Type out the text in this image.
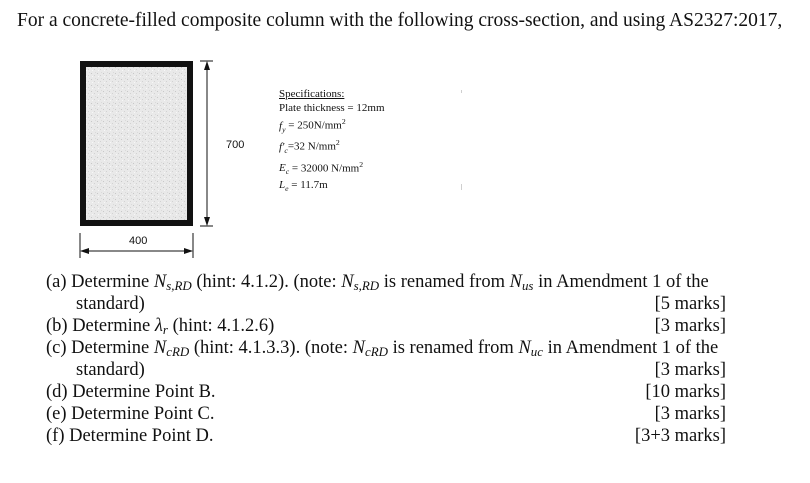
For a concrete-filled composite column with the following cross-section, and using AS2327:2017,
700
400
Specifications:
Plate thickness = 12mm
$f_y = 250N/mm^2$
$f'_c=32$ $N/mm^2$
$E_c = 32000$ $N/mm^2$
$L_e = 11.7m$
(a) Determine $N_{s,RD}$ (hint: 4.1.2). (note: $N_{s,RD}$ is renamed from $N_{us}$ in Amendment 1 of the
standard)	[5 marks]
(b) Determine $\lambda_r$ (hint: 4.1.2.6)	[3 marks]
(c) Determine $N_{cRD}$ (hint: 4.1.3.3). (note: $N_{cRD}$ is renamed from $N_{uc}$ in Amendment 1 of the
standard)	[3 marks]
(d) Determine Point B.	[10 marks]
(e) Determine Point C.	[3 marks]
(f) Determine Point D.	[3+3 marks]
